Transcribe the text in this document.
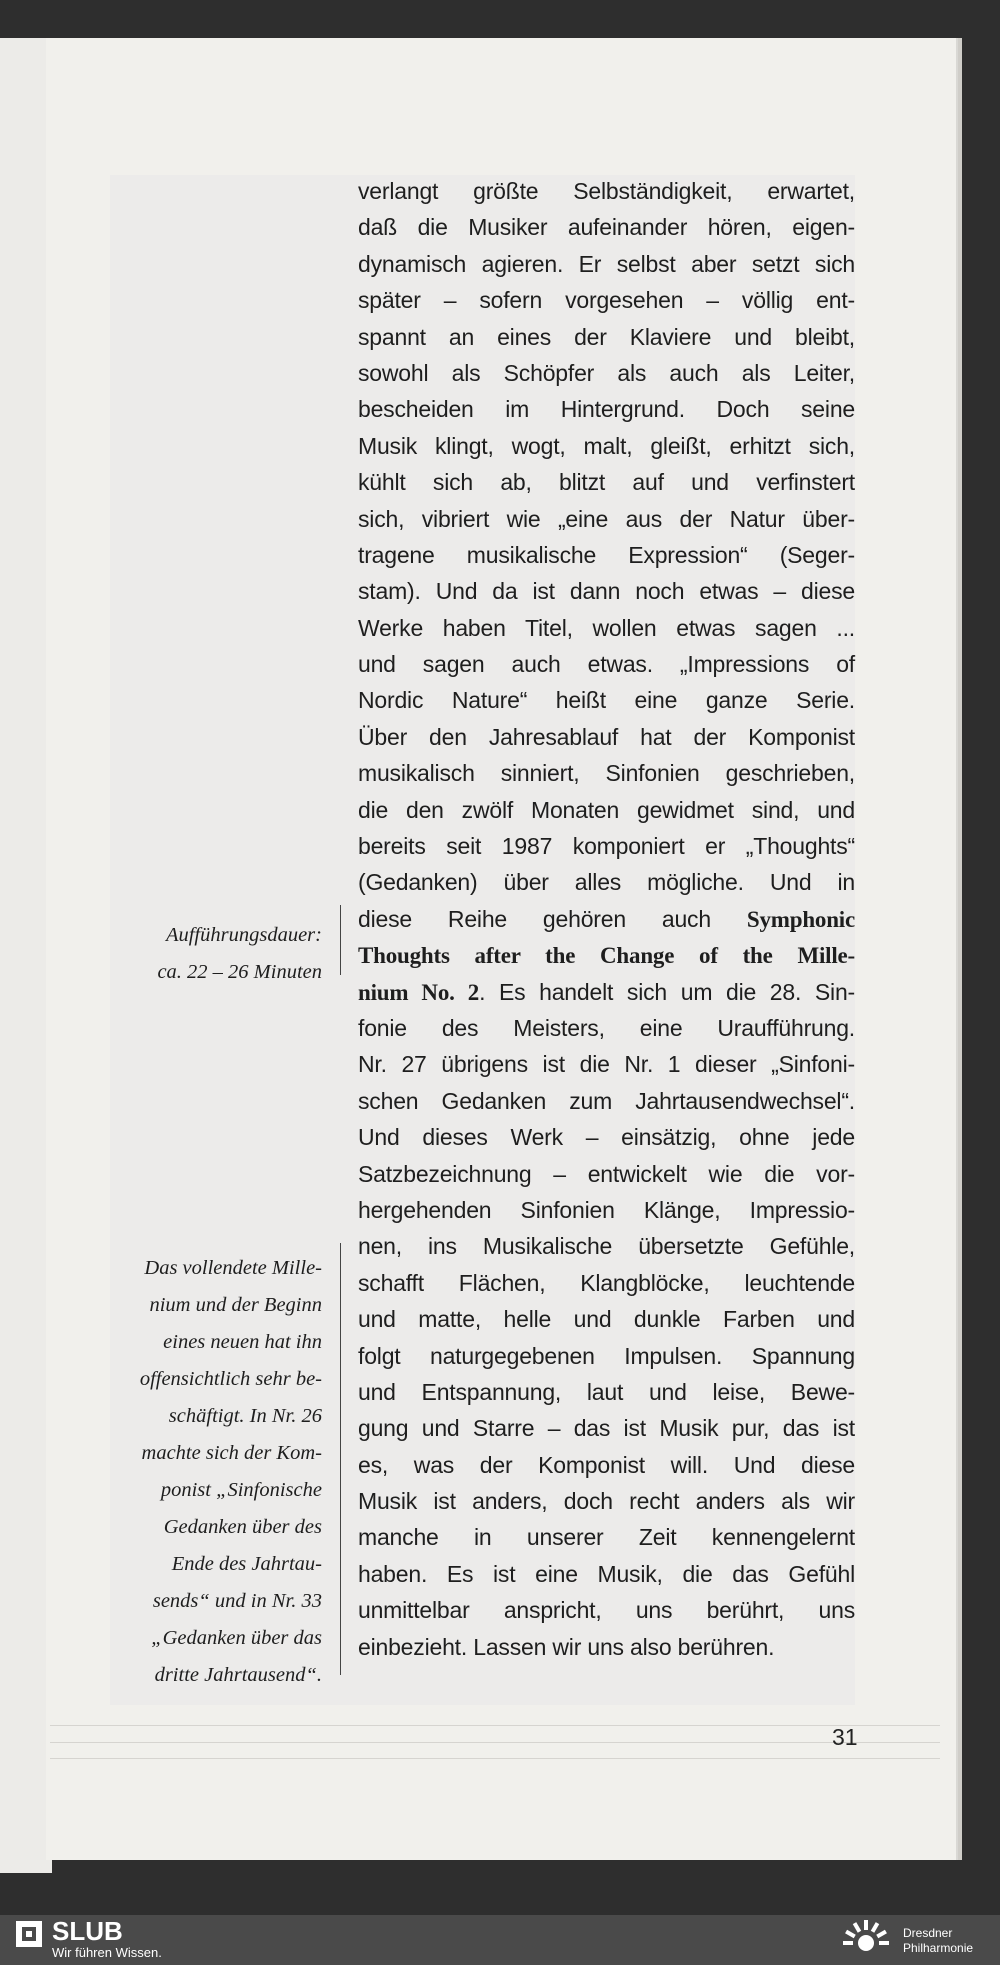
verlangt größte Selbständigkeit, erwartet,
daß die Musiker aufeinander hören, eigen-
dynamisch agieren. Er selbst aber setzt sich
später – sofern vorgesehen – völlig ent-
spannt an eines der Klaviere und bleibt,
sowohl als Schöpfer als auch als Leiter,
bescheiden im Hintergrund. Doch seine
Musik klingt, wogt, malt, gleißt, erhitzt sich,
kühlt sich ab, blitzt auf und verfinstert
sich, vibriert wie „eine aus der Natur über-
tragene musikalische Expression“ (Seger-
stam). Und da ist dann noch etwas – diese
Werke haben Titel, wollen etwas sagen ...
und sagen auch etwas. „Impressions of
Nordic Nature“ heißt eine ganze Serie.
Über den Jahresablauf hat der Komponist
musikalisch sinniert, Sinfonien geschrieben,
die den zwölf Monaten gewidmet sind, und
bereits seit 1987 komponiert er „Thoughts“
(Gedanken) über alles mögliche. Und in
diese Reihe gehören auch Symphonic
Thoughts after the Change of the Mille-
nium No. 2. Es handelt sich um die 28. Sin-
fonie des Meisters, eine Uraufführung.
Nr. 27 übrigens ist die Nr. 1 dieser „Sinfoni-
schen Gedanken zum Jahrtausendwechsel“.
Und dieses Werk – einsätzig, ohne jede
Satzbezeichnung – entwickelt wie die vor-
hergehenden Sinfonien Klänge, Impressio-
nen, ins Musikalische übersetzte Gefühle,
schafft Flächen, Klangblöcke, leuchtende
und matte, helle und dunkle Farben und
folgt naturgegebenen Impulsen. Spannung
und Entspannung, laut und leise, Bewe-
gung und Starre – das ist Musik pur, das ist
es, was der Komponist will. Und diese
Musik ist anders, doch recht anders als wir
manche in unserer Zeit kennengelernt
haben. Es ist eine Musik, die das Gefühl
unmittelbar anspricht, uns berührt, uns
einbezieht. Lassen wir uns also berühren.
Aufführungsdauer:
ca. 22 – 26 Minuten
Das vollendete Mille-
nium und der Beginn
eines neuen hat ihn
offensichtlich sehr be-
schäftigt. In Nr. 26
machte sich der Kom-
ponist „Sinfonische
Gedanken über des
Ende des Jahrtau-
sends“ und in Nr. 33
„Gedanken über das
dritte Jahrtausend“.
31
SLUB
Wir führen Wissen.
Dresdner
Philharmonie
